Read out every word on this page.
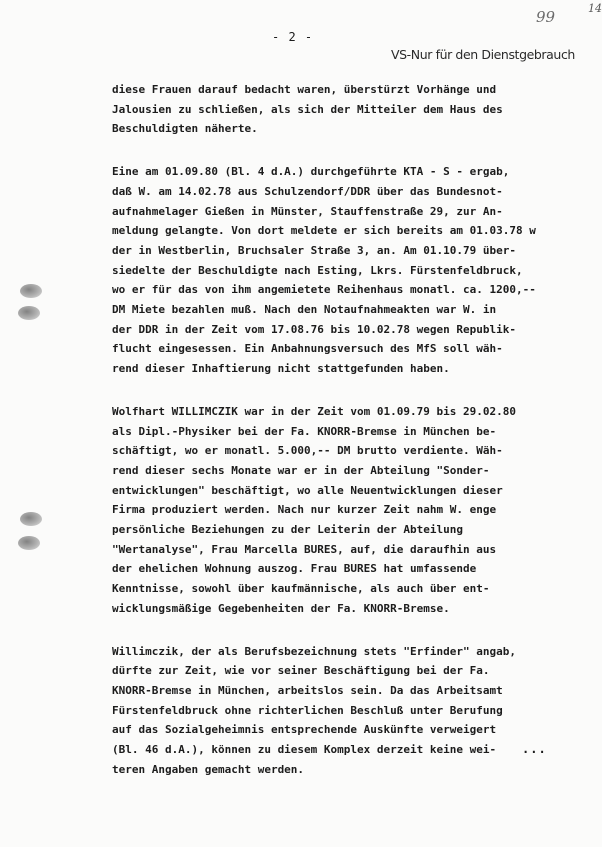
99	14
- 2 -
VS-Nur für den Dienstgebrauch
diese Frauen darauf bedacht waren, überstürzt Vorhänge und
Jalousien zu schließen, als sich der Mitteiler dem Haus des
Beschuldigten näherte.
Eine am 01.09.80 (Bl. 4 d.A.) durchgeführte KTA - S - ergab,
daß W. am 14.02.78 aus Schulzendorf/DDR über das Bundesnot-
aufnahmelager Gießen in Münster, Stauffenstraße 29, zur An-
meldung gelangte. Von dort meldete er sich bereits am 01.03.78 w
der in Westberlin, Bruchsaler Straße 3, an. Am 01.10.79 über-
siedelte der Beschuldigte nach Esting, Lkrs. Fürstenfeldbruck,
wo er für das von ihm angemietete Reihenhaus monatl. ca. 1200,--
DM Miete bezahlen muß. Nach den Notaufnahmeakten war W. in
der DDR in der Zeit vom 17.08.76 bis 10.02.78 wegen Republik-
flucht eingesessen. Ein Anbahnungsversuch des MfS soll wäh-
rend dieser Inhaftierung nicht stattgefunden haben.
Wolfhart WILLIMCZIK war in der Zeit vom 01.09.79 bis 29.02.80
als Dipl.-Physiker bei der Fa. KNORR-Bremse in München be-
schäftigt, wo er monatl. 5.000,-- DM brutto verdiente. Wäh-
rend dieser sechs Monate war er in der Abteilung "Sonder-
entwicklungen" beschäftigt, wo alle Neuentwicklungen dieser
Firma produziert werden. Nach nur kurzer Zeit nahm W. enge
persönliche Beziehungen zu der Leiterin der Abteilung
"Wertanalyse", Frau Marcella BURES, auf, die daraufhin aus
der ehelichen Wohnung auszog. Frau BURES hat umfassende
Kenntnisse, sowohl über kaufmännische, als auch über ent-
wicklungsmäßige Gegebenheiten der Fa. KNORR-Bremse.
Willimczik, der als Berufsbezeichnung stets "Erfinder" angab,
dürfte zur Zeit, wie vor seiner Beschäftigung bei der Fa.
KNORR-Bremse in München, arbeitslos sein. Da das Arbeitsamt
Fürstenfeldbruck ohne richterlichen Beschluß unter Berufung
auf das Sozialgeheimnis entsprechende Auskünfte verweigert
(Bl. 46 d.A.), können zu diesem Komplex derzeit keine wei-
teren Angaben gemacht werden.
...
